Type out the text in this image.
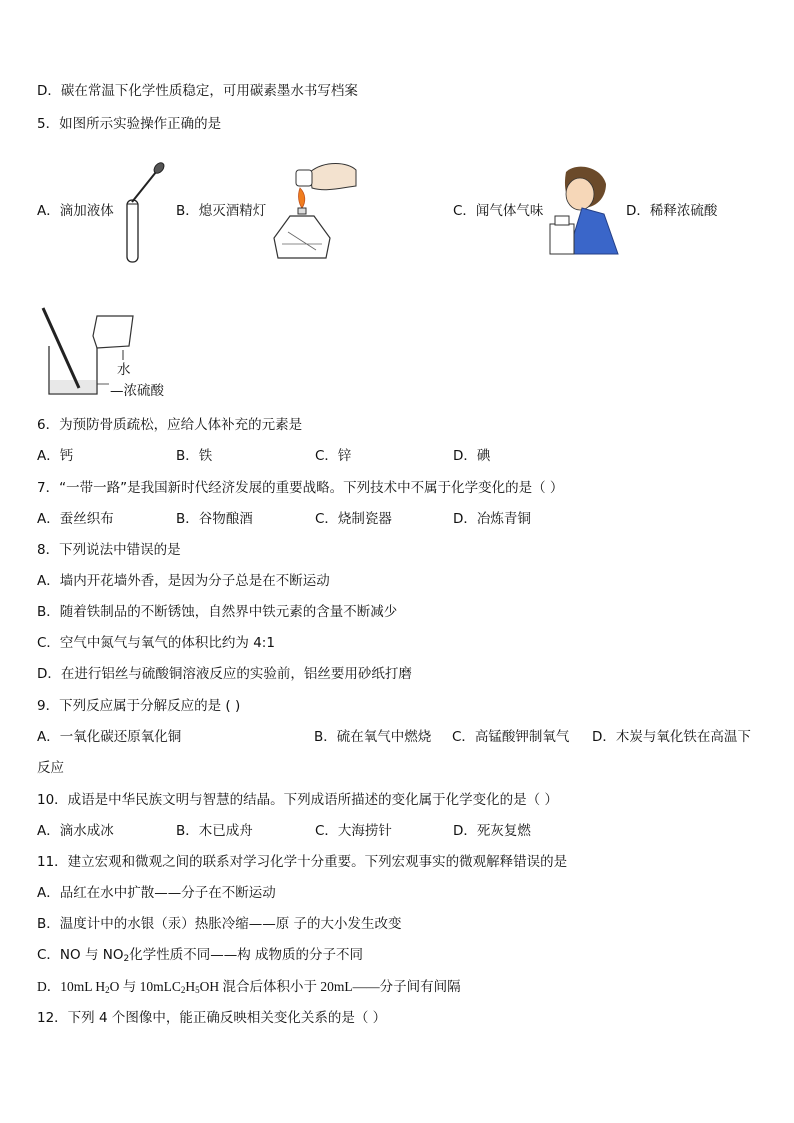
D．碳在常温下化学性质稳定，可用碳素墨水书写档案
5．如图所示实验操作正确的是
A．滴加液体	B．熄灭酒精灯	C．闻气体气味	D．稀释浓硫酸
水
—浓硫酸
6．为预防骨质疏松，应给人体补充的元素是
A．钙	B．铁	C．锌	D．碘
7．“一带一路”是我国新时代经济发展的重要战略。下列技术中不属于化学变化的是（ ）
A．蚕丝织布	B．谷物酿酒	C．烧制瓷器	D．冶炼青铜
8．下列说法中错误的是
A．墙内开花墙外香，是因为分子总是在不断运动
B．随着铁制品的不断锈蚀，自然界中铁元素的含量不断减少
C．空气中氮气与氧气的体积比约为 4:1
D．在进行铝丝与硫酸铜溶液反应的实验前，铝丝要用砂纸打磨
9．下列反应属于分解反应的是 ( )
A．一氧化碳还原氧化铜	B．硫在氧气中燃烧 C．高锰酸钾制氧气 D．木炭与氧化铁在高温下
反应
10．成语是中华民族文明与智慧的结晶。下列成语所描述的变化属于化学变化的是（ ）
A．滴水成冰	B．木已成舟	C．大海捞针	D．死灰复燃
11．建立宏观和微观之间的联系对学习化学十分重要。下列宏观事实的微观解释错误的是
A．品红在水中扩散——分子在不断运动
B．温度计中的水银（汞）热胀冷缩——原 子的大小发生改变
C．NO 与 $NO_2$化学性质不同——构 成物质的分子不同
D．10mL $H_2O$ 与 $10mLC_2H_5OH$ 混合后体积小于 20mL——分子间有间隔
12．下列 4 个图像中，能正确反映相关变化关系的是（ ）
